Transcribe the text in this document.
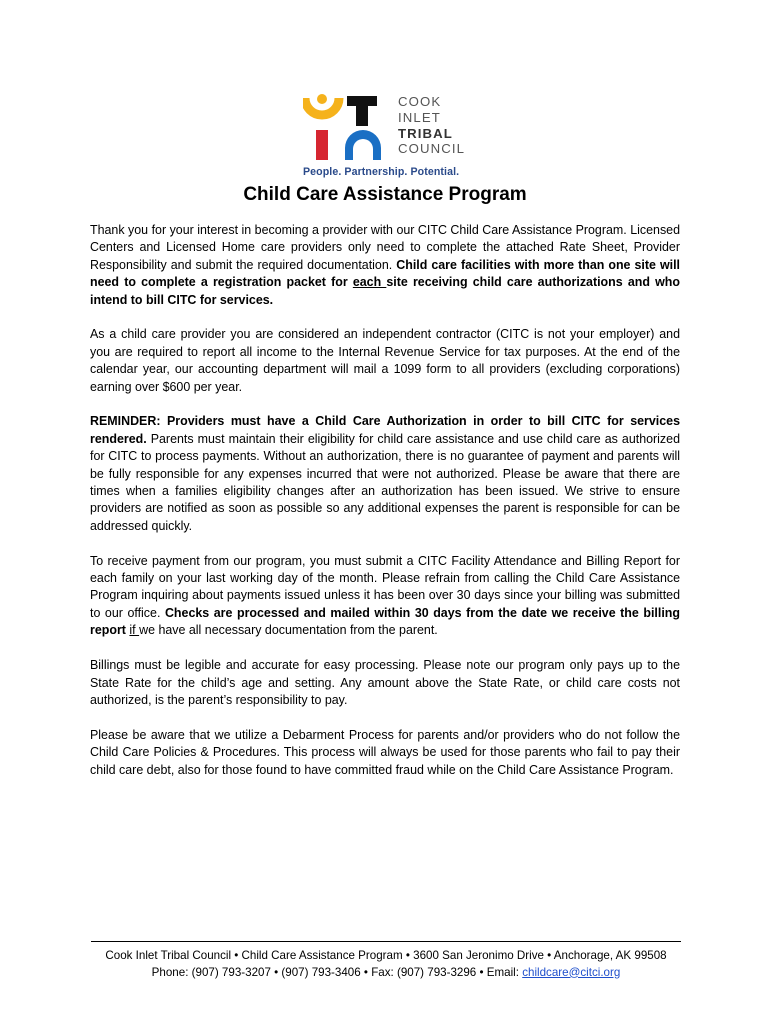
COOK
INLET
TRIBAL
COUNCIL
People. Partnership. Potential.
Child Care Assistance Program

Thank you for your interest in becoming a provider with our CITC Child Care Assistance Program. Licensed Centers and Licensed Home care providers only need to complete the attached Rate Sheet, Provider Responsibility and submit the required documentation. Child care facilities with more than one site will need to complete a registration packet for each site receiving child care authorizations and who intend to bill CITC for services.

As a child care provider you are considered an independent contractor (CITC is not your employer) and you are required to report all income to the Internal Revenue Service for tax purposes. At the end of the calendar year, our accounting department will mail a 1099 form to all providers (excluding corporations) earning over $600 per year.

REMINDER: Providers must have a Child Care Authorization in order to bill CITC for services rendered. Parents must maintain their eligibility for child care assistance and use child care as authorized for CITC to process payments. Without an authorization, there is no guarantee of payment and parents will be fully responsible for any expenses incurred that were not authorized. Please be aware that there are times when a families eligibility changes after an authorization has been issued. We strive to ensure providers are notified as soon as possible so any additional expenses the parent is responsible for can be addressed quickly.

To receive payment from our program, you must submit a CITC Facility Attendance and Billing Report for each family on your last working day of the month. Please refrain from calling the Child Care Assistance Program inquiring about payments issued unless it has been over 30 days since your billing was submitted to our office. Checks are processed and mailed within 30 days from the date we receive the billing report if we have all necessary documentation from the parent.

Billings must be legible and accurate for easy processing. Please note our program only pays up to the State Rate for the child’s age and setting. Any amount above the State Rate, or child care costs not authorized, is the parent’s responsibility to pay.

Please be aware that we utilize a Debarment Process for parents and/or providers who do not follow the Child Care Policies & Procedures. This process will always be used for those parents who fail to pay their child care debt, also for those found to have committed fraud while on the Child Care Assistance Program.

Cook Inlet Tribal Council • Child Care Assistance Program • 3600 San Jeronimo Drive • Anchorage, AK 99508
Phone: (907) 793-3207 • (907) 793-3406 • Fax: (907) 793-3296 • Email: childcare@citci.org
